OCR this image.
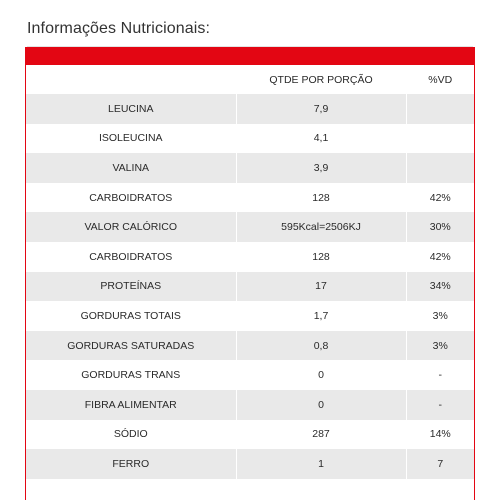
Informações Nutricionais:
	QTDE POR PORÇÃO	%VD
LEUCINA	7,9	
ISOLEUCINA	4,1	
VALINA	3,9	
CARBOIDRATOS	128	42%
VALOR CALÓRICO	595Kcal=2506KJ	30%
CARBOIDRATOS	128	42%
PROTEÍNAS	17	34%
GORDURAS TOTAIS	1,7	3%
GORDURAS SATURADAS	0,8	3%
GORDURAS TRANS	0	-
FIBRA ALIMENTAR	0	-
SÓDIO	287	14%
FERRO	1	7
